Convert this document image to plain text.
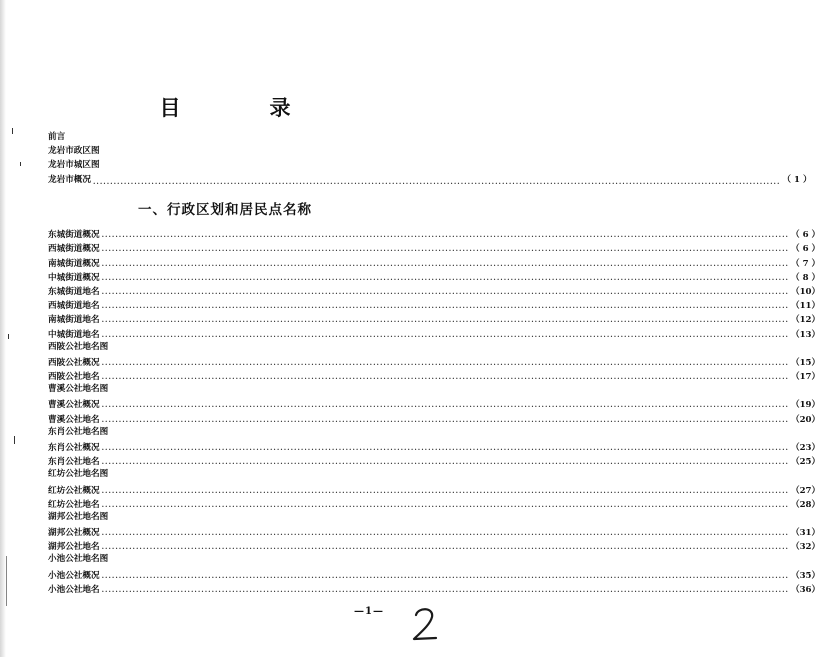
目　录
前言
龙岩市政区图
龙岩市城区图
龙岩市概况 ........................................................................................................................................................................................................ （ 1 ）
一、行政区划和居民点名称
东城街道概况 ........................................................................................................................................................................................................ （ 6 ）
西城街道概况 ........................................................................................................................................................................................................ （ 6 ）
南城街道概况 ........................................................................................................................................................................................................ （ 7 ）
中城街道概况 ........................................................................................................................................................................................................ （ 8 ）
东城街道地名 ........................................................................................................................................................................................................ （10）
西城街道地名 ........................................................................................................................................................................................................ （11）
南城街道地名 ........................................................................................................................................................................................................ （12）
中城街道地名 ........................................................................................................................................................................................................ （13）
西陂公社地名图
西陂公社概况 ........................................................................................................................................................................................................ （15）
西陂公社地名 ........................................................................................................................................................................................................ （17）
曹溪公社地名图
曹溪公社概况 ........................................................................................................................................................................................................ （19）
曹溪公社地名 ........................................................................................................................................................................................................ （20）
东肖公社地名图
东肖公社概况 ........................................................................................................................................................................................................ （23）
东肖公社地名 ........................................................................................................................................................................................................ （25）
红坊公社地名图
红坊公社概况 ........................................................................................................................................................................................................ （27）
红坊公社地名 ........................................................................................................................................................................................................ （28）
湖邦公社地名图
湖邦公社概况 ........................................................................................................................................................................................................ （31）
湖邦公社地名 ........................................................................................................................................................................................................ （32）
小池公社地名图
小池公社概况 ........................................................................................................................................................................................................ （35）
小池公社地名 ........................................................................................................................................................................................................ （36）
—1—
